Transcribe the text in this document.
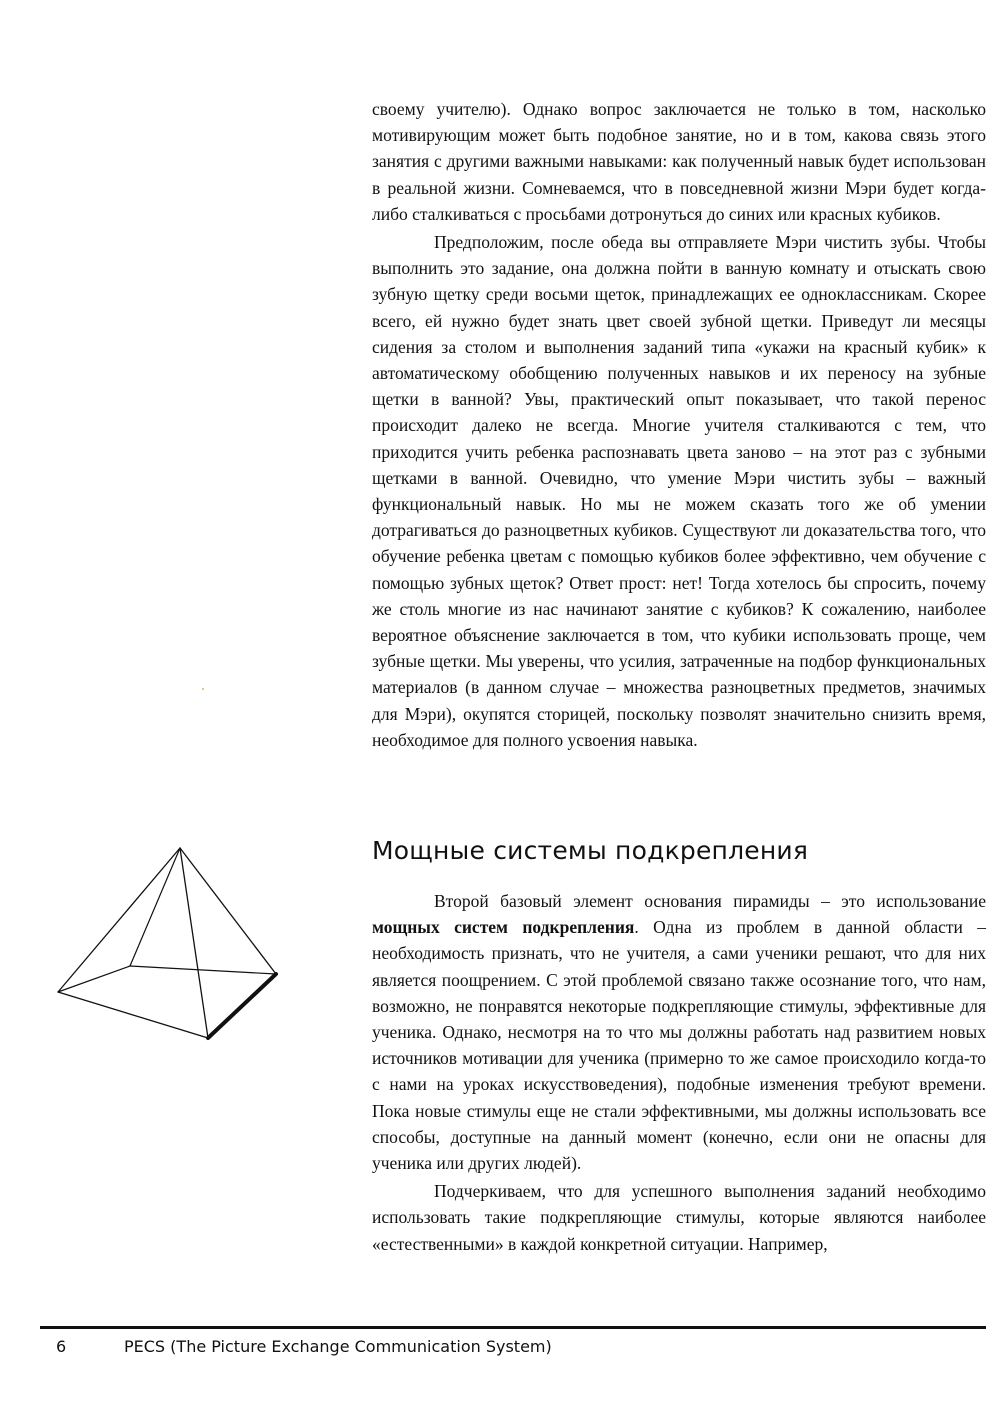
своему учителю). Однако вопрос заключается не только в том, насколько мотивирующим может быть подобное занятие, но и в том, какова связь этого занятия с другими важными навыками: как полученный навык будет использован в реальной жизни. Сомневаемся, что в повседневной жизни Мэри будет когда-либо сталкиваться с просьбами дотронуться до синих или красных кубиков.

Предположим, после обеда вы отправляете Мэри чистить зубы. Чтобы выполнить это задание, она должна пойти в ванную комнату и отыскать свою зубную щетку среди восьми щеток, принадлежащих ее одноклассникам. Скорее всего, ей нужно будет знать цвет своей зубной щетки. Приведут ли месяцы сидения за столом и выполнения заданий типа «укажи на красный кубик» к автоматическому обобщению полученных навыков и их переносу на зубные щетки в ванной? Увы, практический опыт показывает, что такой перенос происходит далеко не всегда. Многие учителя сталкиваются с тем, что приходится учить ребенка распознавать цвета заново – на этот раз с зубными щетками в ванной. Очевидно, что умение Мэри чистить зубы – важный функциональный навык. Но мы не можем сказать того же об умении дотрагиваться до разноцветных кубиков. Существуют ли доказательства того, что обучение ребенка цветам с помощью кубиков более эффективно, чем обучение с помощью зубных щеток? Ответ прост: нет! Тогда хотелось бы спросить, почему же столь многие из нас начинают занятие с кубиков? К сожалению, наиболее вероятное объяснение заключается в том, что кубики использовать проще, чем зубные щетки. Мы уверены, что усилия, затраченные на подбор функциональных материалов (в данном случае – множества разноцветных предметов, значимых для Мэри), окупятся сторицей, поскольку позволят значительно снизить время, необходимое для полного усвоения навыка.

Мощные системы подкрепления

Второй базовый элемент основания пирамиды – это использование мощных систем подкрепления. Одна из проблем в данной области – необходимость признать, что не учителя, а сами ученики решают, что для них является поощрением. С этой проблемой связано также осознание того, что нам, возможно, не понравятся некоторые подкрепляющие стимулы, эффективные для ученика. Однако, несмотря на то что мы должны работать над развитием новых источников мотивации для ученика (примерно то же самое происходило когда-то с нами на уроках искусствоведения), подобные изменения требуют времени. Пока новые стимулы еще не стали эффективными, мы должны использовать все способы, доступные на данный момент (конечно, если они не опасны для ученика или других людей).

Подчеркиваем, что для успешного выполнения заданий необходимо использовать такие подкрепляющие стимулы, которые являются наиболее «естественными» в каждой конкретной ситуации. Например,

6	PECS (The Picture Exchange Communication System)
